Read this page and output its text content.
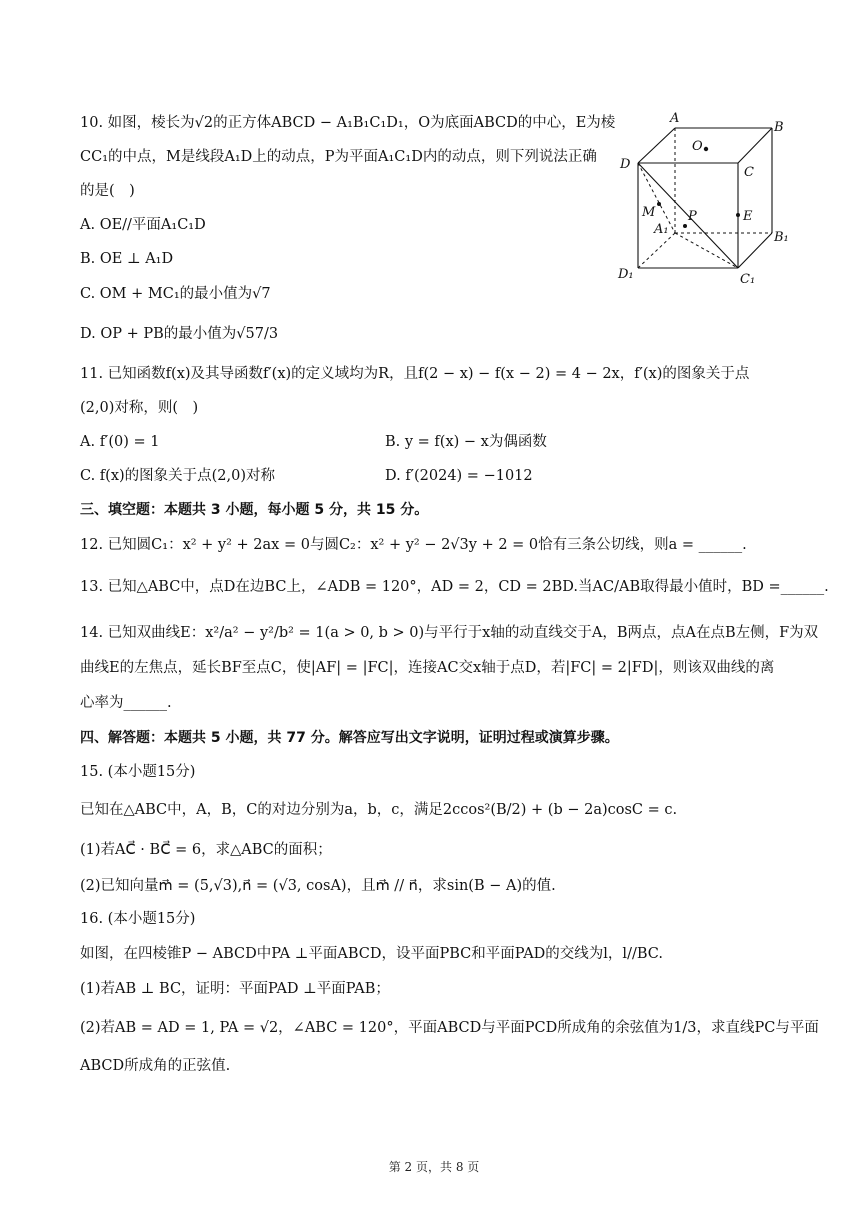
10. 如图，棱长为√2的正方体ABCD − A₁B₁C₁D₁，O为底面ABCD的中心，E为棱
CC₁的中点，M是线段A₁D上的动点，P为平面A₁C₁D内的动点，则下列说法正确
的是(　)
A. OE//平面A₁C₁D
B. OE ⊥ A₁D
C. OM + MC₁的最小值为√7
D. OP + PB的最小值为√57/3
A
B
C
D
O
M	P	E
A₁
B₁
C₁
D₁
11. 已知函数f(x)及其导函数f′(x)的定义域均为R，且f(2 − x) − f(x − 2) = 4 − 2x，f′(x)的图象关于点
(2,0)对称，则(　)
A. f′(0) = 1	B. y = f(x) − x为偶函数
C. f(x)的图象关于点(2,0)对称	D. f′(2024) = −1012
三、填空题：本题共 3 小题，每小题 5 分，共 15 分。
12. 已知圆C₁：x² + y² + 2ax = 0与圆C₂：x² + y² − 2√3y + 2 = 0恰有三条公切线，则a = ______.
13. 已知△ABC中，点D在边BC上，∠ADB = 120°，AD = 2，CD = 2BD.当AC/AB取得最小值时，BD =______.
14. 已知双曲线E：x²/a² − y²/b² = 1(a > 0, b > 0)与平行于x轴的动直线交于A，B两点，点A在点B左侧，F为双
曲线E的左焦点，延长BF至点C，使|AF| = |FC|，连接AC交x轴于点D，若|FC| = 2|FD|，则该双曲线的离
心率为______.
四、解答题：本题共 5 小题，共 77 分。解答应写出文字说明，证明过程或演算步骤。
15. (本小题15分)
已知在△ABC中，A，B，C的对边分别为a，b，c，满足2ccos²(B/2) + (b − 2a)cosC = c.
(1)若AC⃗ · BC⃗ = 6，求△ABC的面积；
(2)已知向量m⃗ = (5,√3),n⃗ = (√3, cosA)，且m⃗ // n⃗，求sin(B − A)的值.
16. (本小题15分)
如图，在四棱锥P − ABCD中PA ⊥平面ABCD，设平面PBC和平面PAD的交线为l，l//BC.
(1)若AB ⊥ BC，证明：平面PAD ⊥平面PAB；
(2)若AB = AD = 1, PA = √2，∠ABC = 120°，平面ABCD与平面PCD所成角的余弦值为1/3，求直线PC与平面
ABCD所成角的正弦值.
第 2 页，共 8 页
